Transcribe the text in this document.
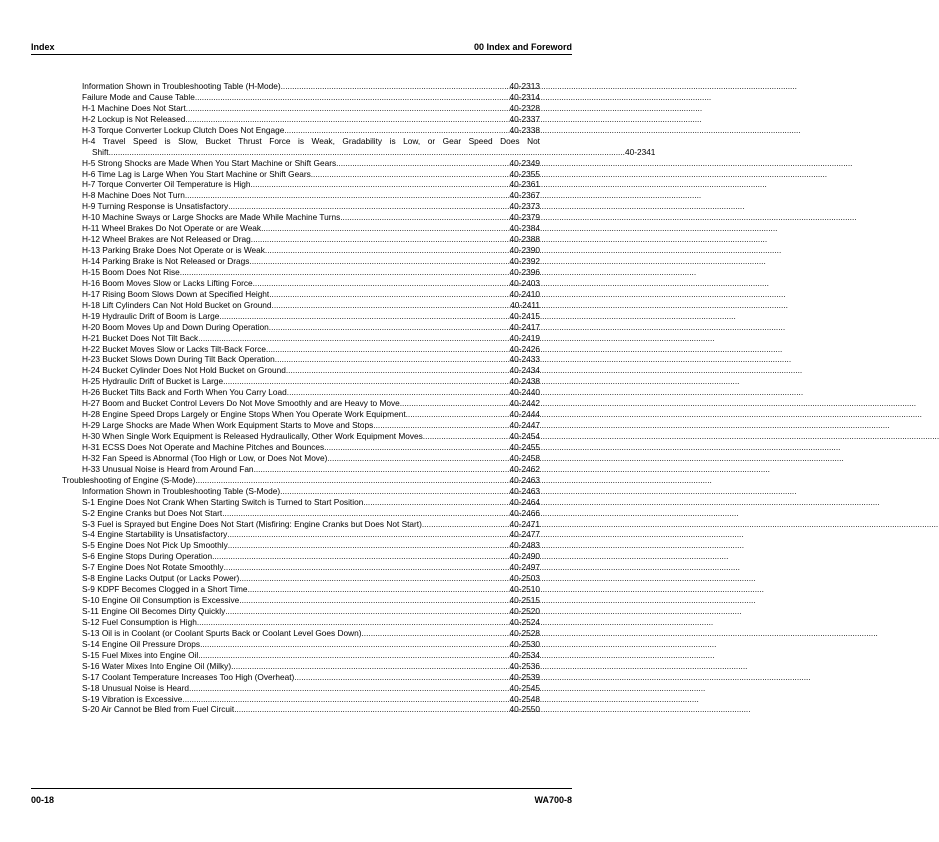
Index	00 Index and Foreword
Information Shown in Troubleshooting Table (H-Mode) .....	40-2313
Failure Mode and Cause Table .....	40-2314
H-1 Machine Does Not Start .....	40-2328
H-2 Lockup is Not Released .....	40-2337
H-3 Torque Converter Lockup Clutch Does Not Engage .....	40-2338
H-4 Travel Speed is Slow, Bucket Thrust Force is Weak, Gradability is Low, or Gear Speed Does Not
Shift .....	40-2341
H-5 Strong Shocks are Made When You Start Machine or Shift Gears .....	40-2349
H-6 Time Lag is Large When You Start Machine or Shift Gears .....	40-2355
H-7 Torque Converter Oil Temperature is High .....	40-2361
H-8 Machine Does Not Turn .....	40-2367
H-9 Turning Response is Unsatisfactory .....	40-2373
H-10 Machine Sways or Large Shocks are Made While Machine Turns .....	40-2379
H-11 Wheel Brakes Do Not Operate or are Weak .....	40-2384
H-12 Wheel Brakes are Not Released or Drag .....	40-2388
H-13 Parking Brake Does Not Operate or is Weak .....	40-2390
H-14 Parking Brake is Not Released or Drags .....	40-2392
H-15 Boom Does Not Rise .....	40-2396
H-16 Boom Moves Slow or Lacks Lifting Force .....	40-2403
H-17 Rising Boom Slows Down at Specified Height .....	40-2410
H-18 Lift Cylinders Can Not Hold Bucket on Ground .....	40-2411
H-19 Hydraulic Drift of Boom is Large .....	40-2415
H-20 Boom Moves Up and Down During Operation .....	40-2417
H-21 Bucket Does Not Tilt Back .....	40-2419
H-22 Bucket Moves Slow or Lacks Tilt-Back Force .....	40-2426
H-23 Bucket Slows Down During Tilt Back Operation .....	40-2433
H-24 Bucket Cylinder Does Not Hold Bucket on Ground .....	40-2434
H-25 Hydraulic Drift of Bucket is Large .....	40-2438
H-26 Bucket Tilts Back and Forth When You Carry Load .....	40-2440
H-27 Boom and Bucket Control Levers Do Not Move Smoothly and are Heavy to Move .....	40-2442
H-28 Engine Speed Drops Largely or Engine Stops When You Operate Work Equipment .....	40-2444
H-29 Large Shocks are Made When Work Equipment Starts to Move and Stops .....	40-2447
H-30 When Single Work Equipment is Released Hydraulically, Other Work Equipment Moves .....	40-2454
H-31 ECSS Does Not Operate and Machine Pitches and Bounces .....	40-2455
H-32 Fan Speed is Abnormal (Too High or Low, or Does Not Move) .....	40-2458
H-33 Unusual Noise is Heard from Around Fan .....	40-2462
Troubleshooting of Engine (S-Mode) .....	40-2463
Information Shown in Troubleshooting Table (S-Mode) .....	40-2463
S-1 Engine Does Not Crank When Starting Switch is Turned to Start Position .....	40-2464
S-2 Engine Cranks but Does Not Start .....	40-2466
S-3 Fuel is Sprayed but Engine Does Not Start (Misfiring: Engine Cranks but Does Not Start) .....	40-2471
S-4 Engine Startability is Unsatisfactory .....	40-2477
S-5 Engine Does Not Pick Up Smoothly .....	40-2483
S-6 Engine Stops During Operation .....	40-2490
S-7 Engine Does Not Rotate Smoothly .....	40-2497
S-8 Engine Lacks Output (or Lacks Power) .....	40-2503
S-9 KDPF Becomes Clogged in a Short Time .....	40-2510
S-10 Engine Oil Consumption is Excessive .....	40-2515
S-11 Engine Oil Becomes Dirty Quickly .....	40-2520
S-12 Fuel Consumption is High .....	40-2524
S-13 Oil is in Coolant (or Coolant Spurts Back or Coolant Level Goes Down) .....	40-2528
S-14 Engine Oil Pressure Drops .....	40-2530
S-15 Fuel Mixes into Engine Oil .....	40-2534
S-16 Water Mixes Into Engine Oil (Milky) .....	40-2536
S-17 Coolant Temperature Increases Too High (Overheat) .....	40-2539
S-18 Unusual Noise is Heard .....	40-2545
S-19 Vibration is Excessive .....	40-2548
S-20 Air Cannot be Bled from Fuel Circuit .....	40-2550
00-18	WA700-8
